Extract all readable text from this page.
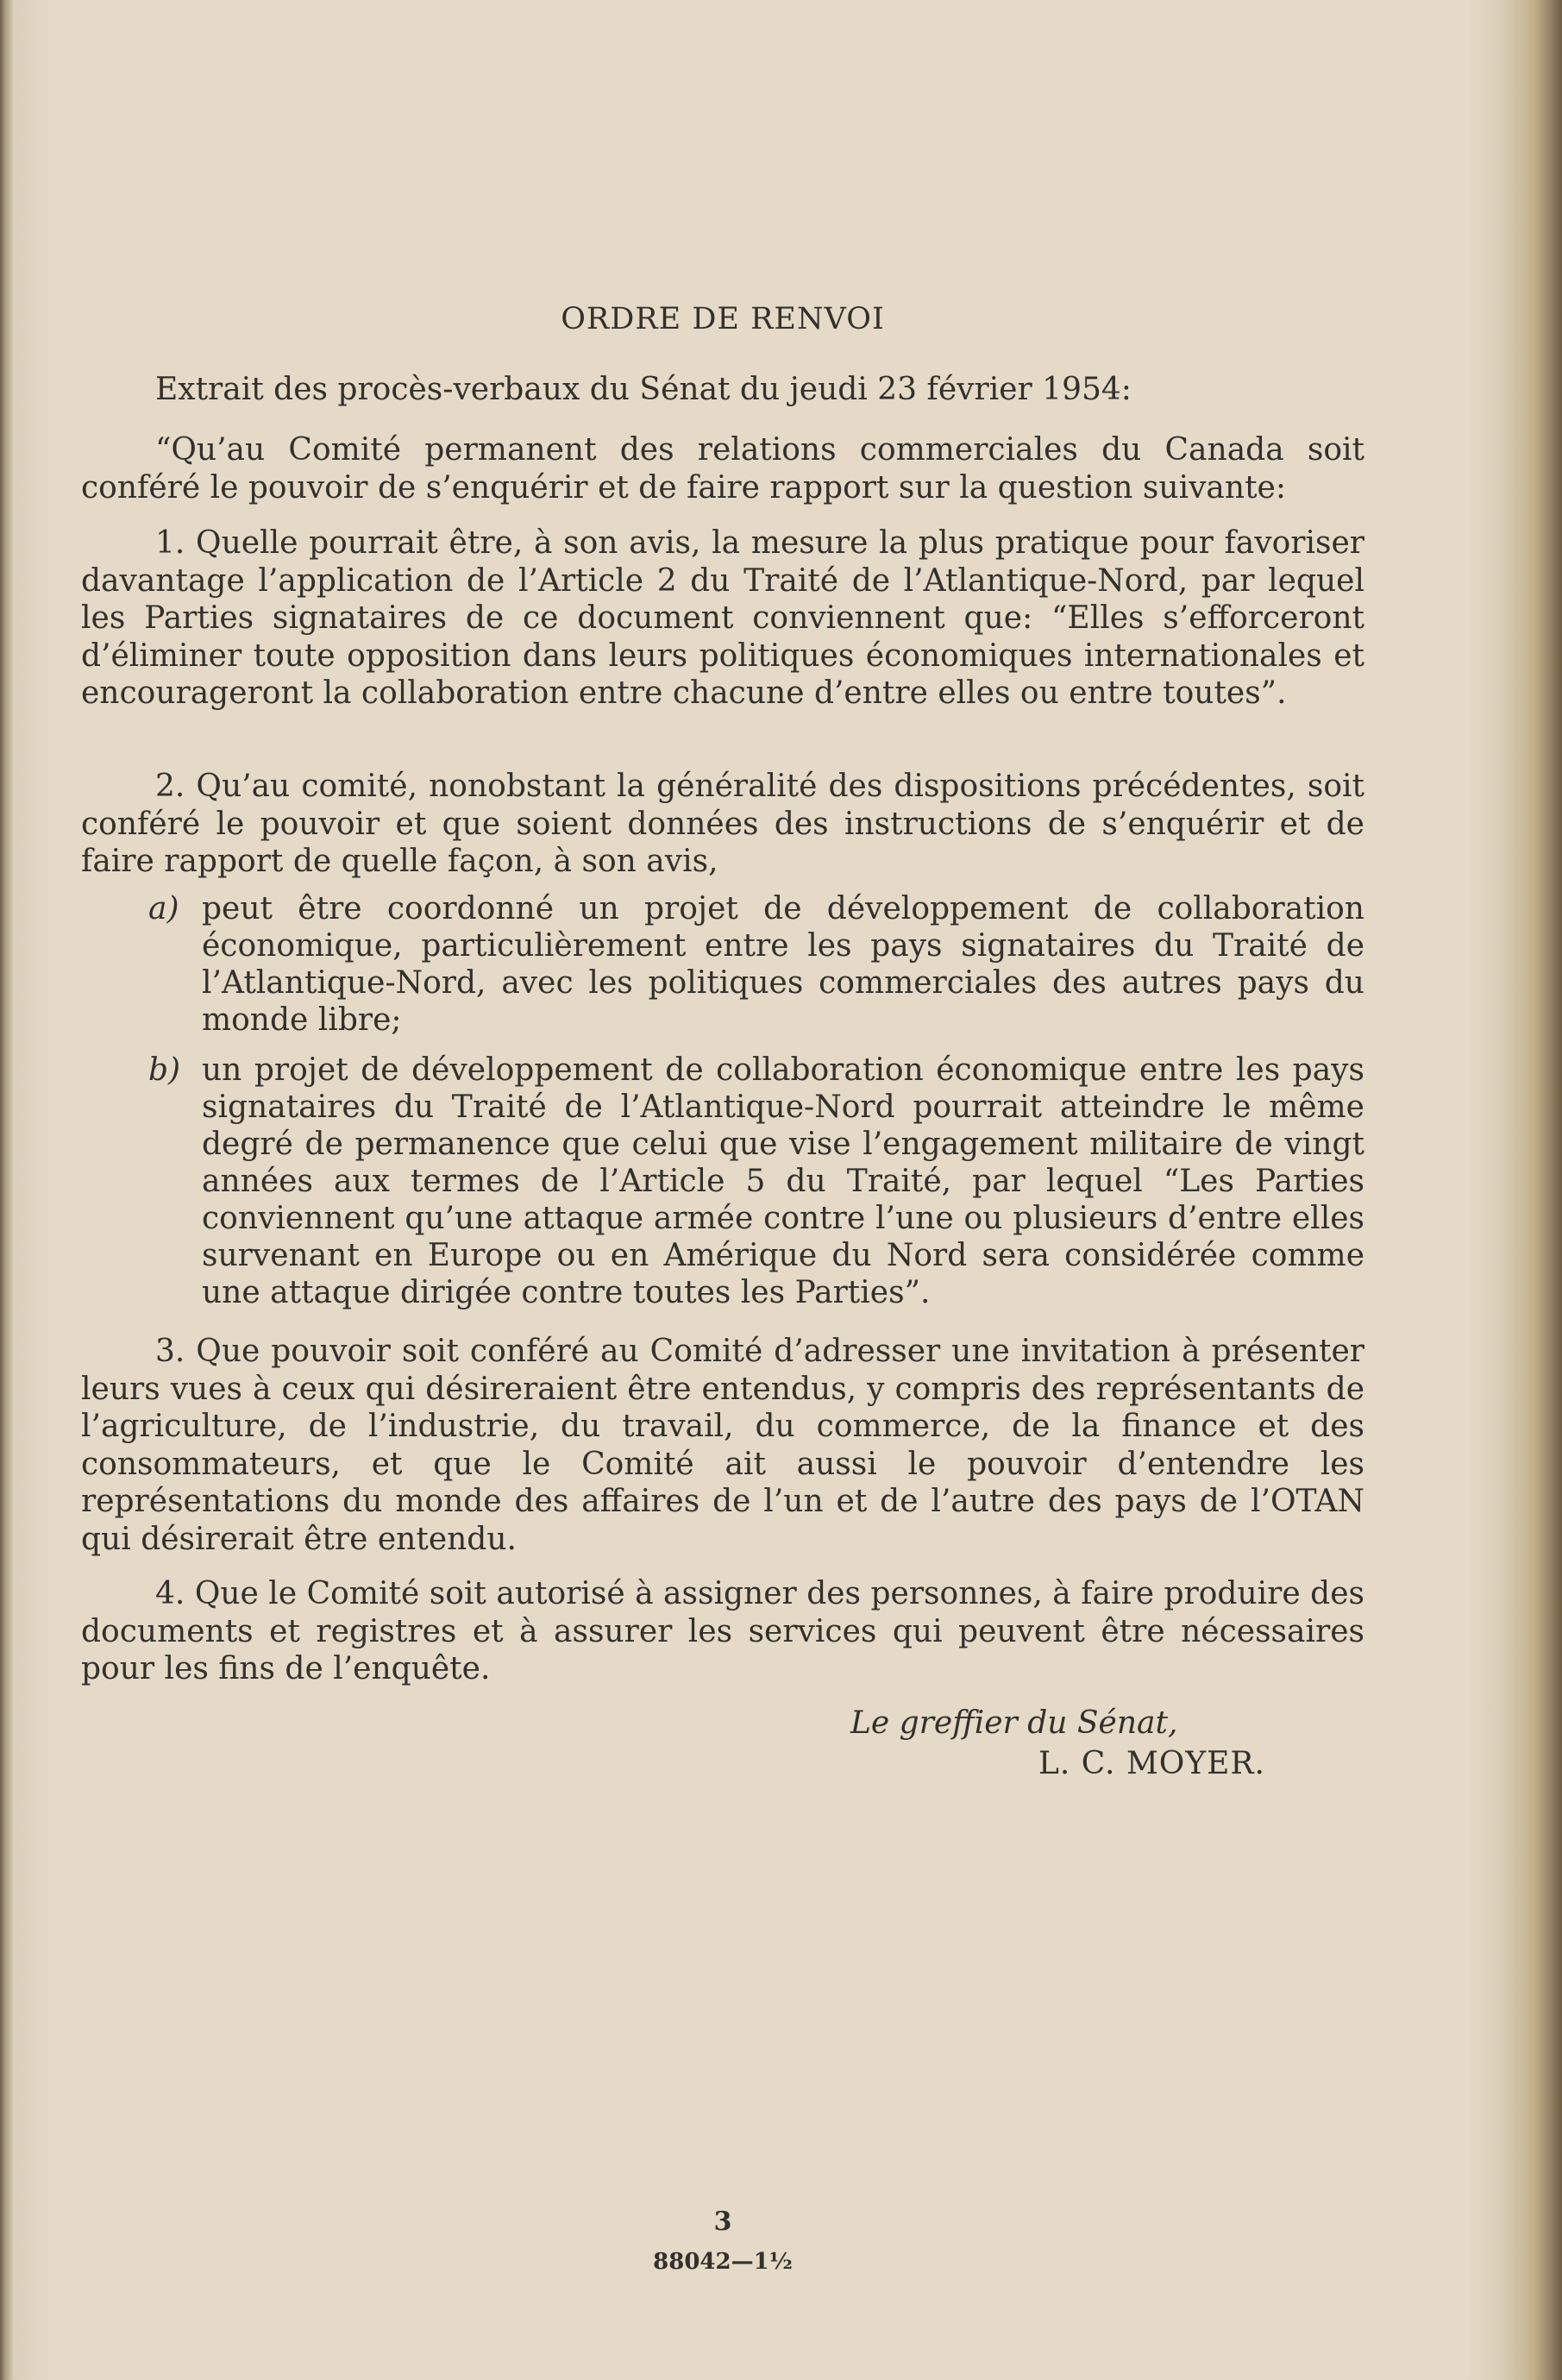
ORDRE DE RENVOI
Extrait des procès-verbaux du Sénat du jeudi 23 février 1954:
“Qu’au Comité permanent des relations commerciales du Canada soit conféré le pouvoir de s’enquérir et de faire rapport sur la question suivante:
1. Quelle pourrait être, à son avis, la mesure la plus pratique pour favoriser davantage l’application de l’Article 2 du Traité de l’Atlantique-Nord, par lequel les Parties signataires de ce document conviennent que: “Elles s’efforceront d’éliminer toute opposition dans leurs politiques économiques internationales et encourageront la collaboration entre chacune d’entre elles ou entre toutes”.
2. Qu’au comité, nonobstant la généralité des dispositions précédentes, soit conféré le pouvoir et que soient données des instructions de s’enquérir et de faire rapport de quelle façon, à son avis,
a) peut être coordonné un projet de développement de collaboration économique, particulièrement entre les pays signataires du Traité de l’Atlantique-Nord, avec les politiques commerciales des autres pays du monde libre;
b) un projet de développement de collaboration économique entre les pays signataires du Traité de l’Atlantique-Nord pourrait atteindre le même degré de permanence que celui que vise l’engagement militaire de vingt années aux termes de l’Article 5 du Traité, par lequel “Les Parties conviennent qu’une attaque armée contre l’une ou plusieurs d’entre elles survenant en Europe ou en Amérique du Nord sera considérée comme une attaque dirigée contre toutes les Parties”.
3. Que pouvoir soit conféré au Comité d’adresser une invitation à présenter leurs vues à ceux qui désireraient être entendus, y compris des représentants de l’agriculture, de l’industrie, du travail, du commerce, de la finance et des consommateurs, et que le Comité ait aussi le pouvoir d’entendre les représentations du monde des affaires de l’un et de l’autre des pays de l’OTAN qui désirerait être entendu.
4. Que le Comité soit autorisé à assigner des personnes, à faire produire des documents et registres et à assurer les services qui peuvent être nécessaires pour les fins de l’enquête.
Le greffier du Sénat,
L. C. MOYER.
3
88042—1½
